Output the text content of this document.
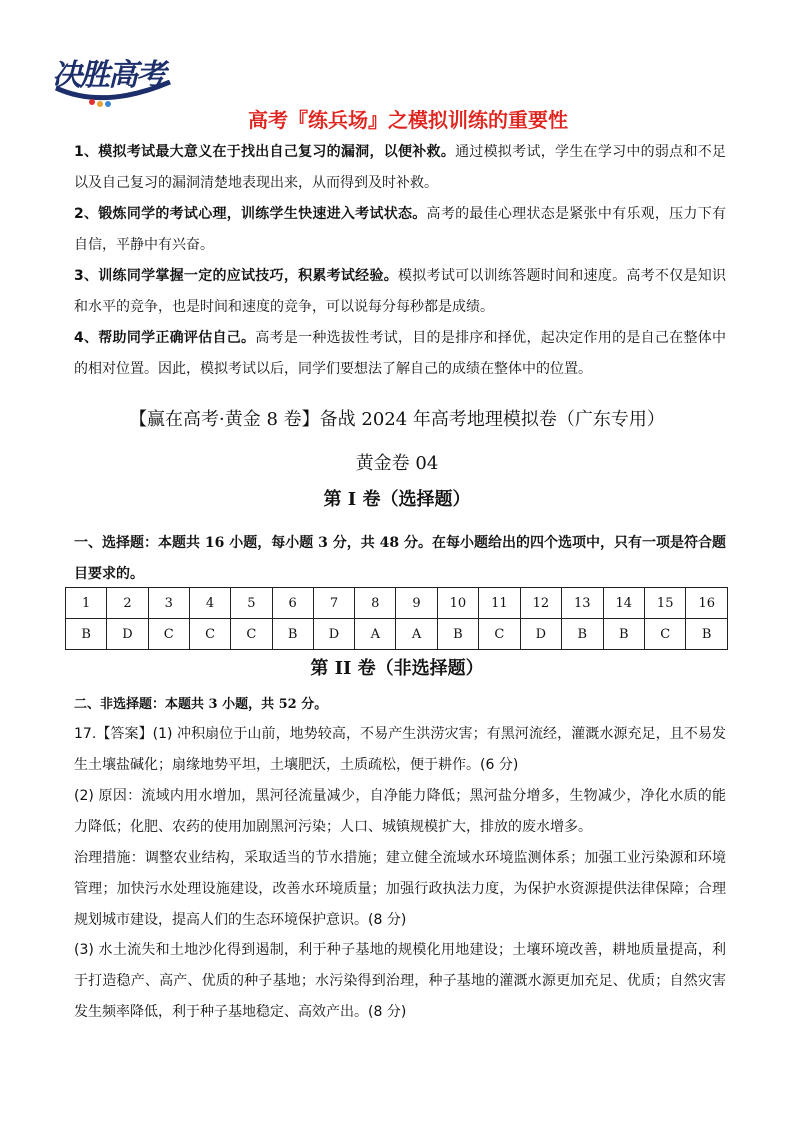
决胜高考
高考『练兵场』之模拟训练的重要性
1、模拟考试最大意义在于找出自己复习的漏洞，以便补救。通过模拟考试，学生在学习中的弱点和不足以及自己复习的漏洞清楚地表现出来，从而得到及时补救。
2、锻炼同学的考试心理，训练学生快速进入考试状态。高考的最佳心理状态是紧张中有乐观，压力下有自信，平静中有兴奋。
3、训练同学掌握一定的应试技巧，积累考试经验。模拟考试可以训练答题时间和速度。高考不仅是知识和水平的竞争，也是时间和速度的竞争，可以说每分每秒都是成绩。
4、帮助同学正确评估自己。高考是一种选拔性考试，目的是排序和择优，起决定作用的是自己在整体中的相对位置。因此，模拟考试以后，同学们要想法了解自己的成绩在整体中的位置。
【赢在高考·黄金 8 卷】备战 2024 年高考地理模拟卷（广东专用）
黄金卷 04
第 I 卷（选择题）
一、选择题：本题共 16 小题，每小题 3 分，共 48 分。在每小题给出的四个选项中，只有一项是符合题目要求的。
1	2	3	4	5	6	7	8	9	10	11	12	13	14	15	16
B	D	C	C	C	B	D	A	A	B	C	D	B	B	C	B
第 II 卷（非选择题）
二、非选择题：本题共 3 小题，共 52 分。
17.【答案】(1) 冲积扇位于山前，地势较高，不易产生洪涝灾害；有黑河流经，灌溉水源充足，且不易发生土壤盐碱化；扇缘地势平坦，土壤肥沃，土质疏松，便于耕作。(6 分)
(2) 原因：流域内用水增加，黑河径流量减少，自净能力降低；黑河盐分增多，生物减少，净化水质的能力降低；化肥、农药的使用加剧黑河污染；人口、城镇规模扩大，排放的废水增多。
治理措施：调整农业结构，采取适当的节水措施；建立健全流域水环境监测体系；加强工业污染源和环境管理；加快污水处理设施建设，改善水环境质量；加强行政执法力度，为保护水资源提供法律保障；合理规划城市建设，提高人们的生态环境保护意识。(8 分)
(3) 水土流失和土地沙化得到遏制，利于种子基地的规模化用地建设；土壤环境改善，耕地质量提高，利于打造稳产、高产、优质的种子基地；水污染得到治理，种子基地的灌溉水源更加充足、优质；自然灾害发生频率降低，利于种子基地稳定、高效产出。(8 分)
